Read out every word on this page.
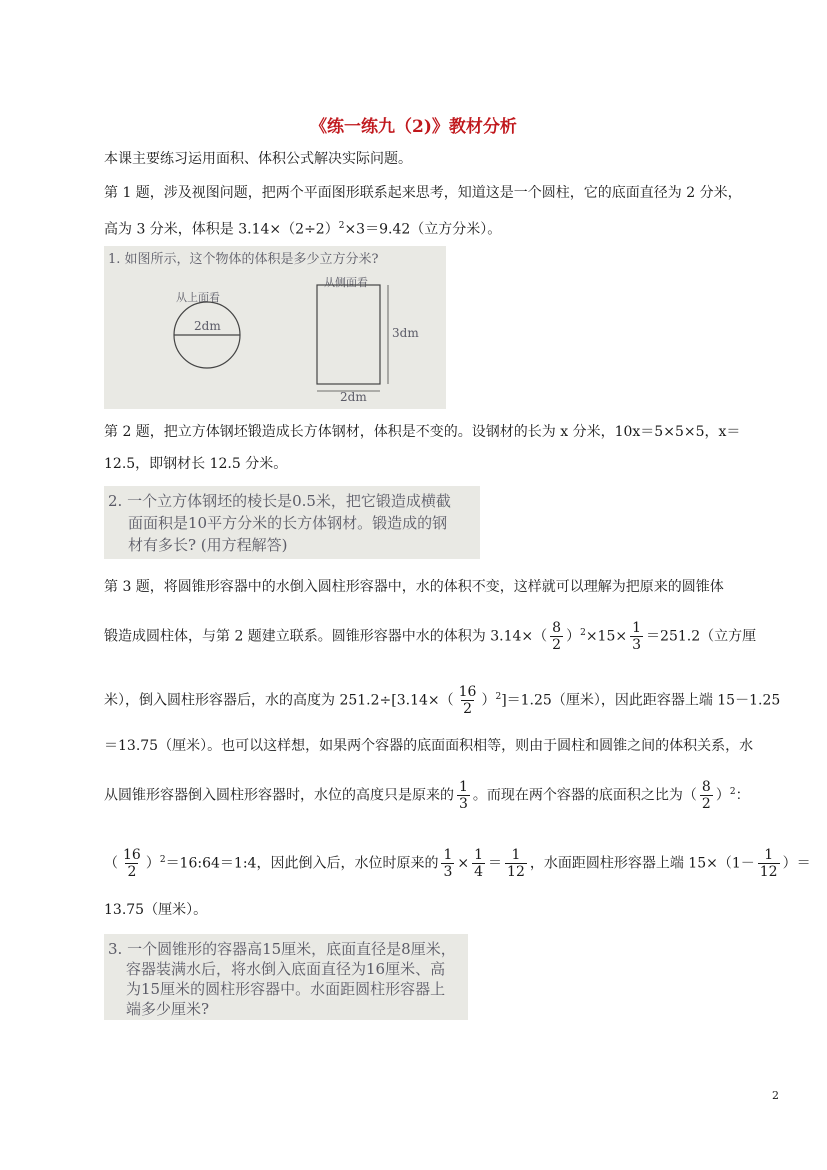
《练一练九（2)》教材分析
本课主要练习运用面积、体积公式解决实际问题。
第 1 题，涉及视图问题，把两个平面图形联系起来思考，知道这是一个圆柱，它的底面直径为 2 分米，
高为 3 分米，体积是 $3.14\times(2\div 2)^2\times 3=9.42$（立方分米）。
1. 如图所示，这个物体的体积是多少立方分米?
从上面看
从侧面看
2dm	3dm
2dm
第 2 题，把立方体钢坯锻造成长方体钢材，体积是不变的。设钢材的长为 x 分米，10x＝5×5×5，x＝
12.5，即钢材长 12.5 分米。
2. 一个立方体钢坯的棱长是0.5米，把它锻造成横截
面面积是10平方分米的长方体钢材。锻造成的钢
材有多长? (用方程解答)
第 3 题，将圆锥形容器中的水倒入圆柱形容器中，水的体积不变，这样就可以理解为把原来的圆锥体
锻造成圆柱体，与第 2 题建立联系。圆锥形容器中水的体积为 $3.14\times( \frac{8}{2} )^2\times 15\times \frac{1}{3} =251.2$（立方厘
米），倒入圆柱形容器后，水的高度为 $251.2\div[3.14\times( \frac{16}{2} )^2]=1.25$（厘米），因此距容器上端 15－1.25
＝13.75（厘米）。也可以这样想，如果两个容器的底面面积相等，则由于圆柱和圆锥之间的体积关系，水
从圆锥形容器倒入圆柱形容器时，水位的高度只是原来的 $\frac{1}{3}$ 。而现在两个容器的底面积之比为（ $\frac{8}{2} )^2$：
（ $\frac{16}{2}$ ）$^2$＝16:64＝1:4，因此倒入后，水位时原来的 $\frac{1}{3} \times \frac{1}{4} = \frac{1}{12}$ ，水面距圆柱形容器上端 $15\times(1- \frac{1}{12}$ ）＝
13.75（厘米）。
3. 一个圆锥形的容器高15厘米，底面直径是8厘米，
容器装满水后，将水倒入底面直径为16厘米、高
为15厘米的圆柱形容器中。水面距圆柱形容器上
端多少厘米?
2
